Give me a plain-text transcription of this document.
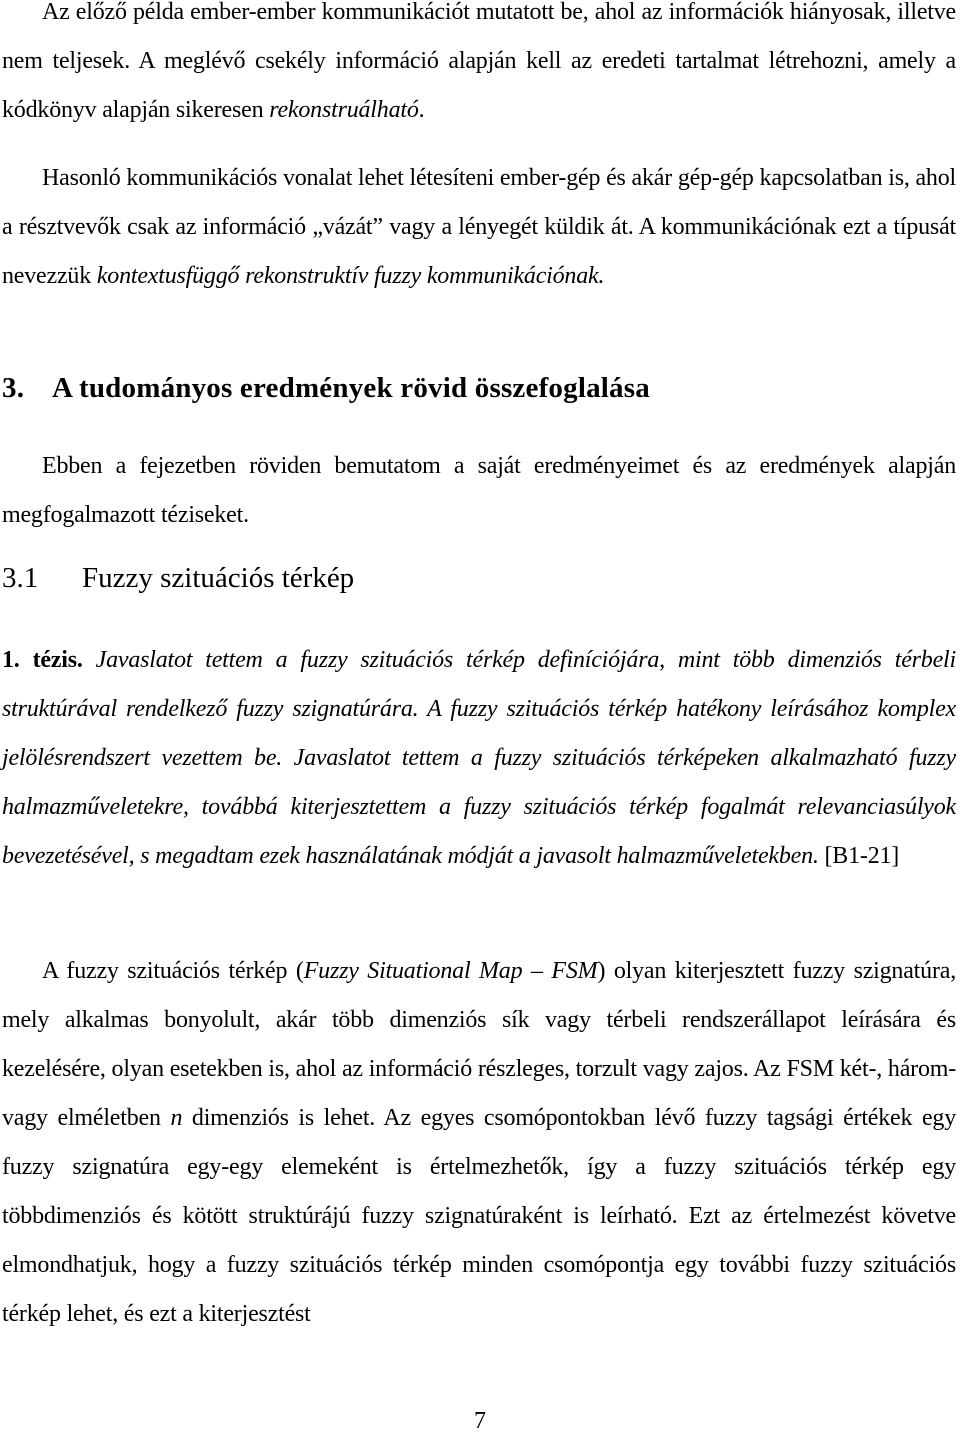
Az előző példa ember-ember kommunikációt mutatott be, ahol az információk hiányosak, illetve nem teljesek. A meglévő csekély információ alapján kell az eredeti tartalmat létrehozni, amely a kódkönyv alapján sikeresen rekonstruálható.

Hasonló kommunikációs vonalat lehet létesíteni ember-gép és akár gép-gép kapcsolatban is, ahol a résztvevők csak az információ „vázát” vagy a lényegét küldik át. A kommunikációnak ezt a típusát nevezzük kontextusfüggő rekonstruktív fuzzy kommunikációnak.

3. A tudományos eredmények rövid összefoglalása

Ebben a fejezetben röviden bemutatom a saját eredményeimet és az eredmények alapján megfogalmazott téziseket.

3.1 Fuzzy szituációs térkép

1. tézis. Javaslatot tettem a fuzzy szituációs térkép definíciójára, mint több dimenziós térbeli struktúrával rendelkező fuzzy szignatúrára. A fuzzy szituációs térkép hatékony leírásához komplex jelölésrendszert vezettem be. Javaslatot tettem a fuzzy szituációs térképeken alkalmazható fuzzy halmazműveletekre, továbbá kiterjesztettem a fuzzy szituációs térkép fogalmát relevanciasúlyok bevezetésével, s megadtam ezek használatának módját a javasolt halmazműveletekben. [B1-21]

A fuzzy szituációs térkép (Fuzzy Situational Map – FSM) olyan kiterjesztett fuzzy szignatúra, mely alkalmas bonyolult, akár több dimenziós sík vagy térbeli rendszerállapot leírására és kezelésére, olyan esetekben is, ahol az információ részleges, torzult vagy zajos. Az FSM két-, három- vagy elméletben n dimenziós is lehet. Az egyes csomópontokban lévő fuzzy tagsági értékek egy fuzzy szignatúra egy-egy elemeként is értelmezhetők, így a fuzzy szituációs térkép egy többdimenziós és kötött struktúrájú fuzzy szignatúraként is leírható. Ezt az értelmezést követve elmondhatjuk, hogy a fuzzy szituációs térkép minden csomópontja egy további fuzzy szituációs térkép lehet, és ezt a kiterjesztést

7
